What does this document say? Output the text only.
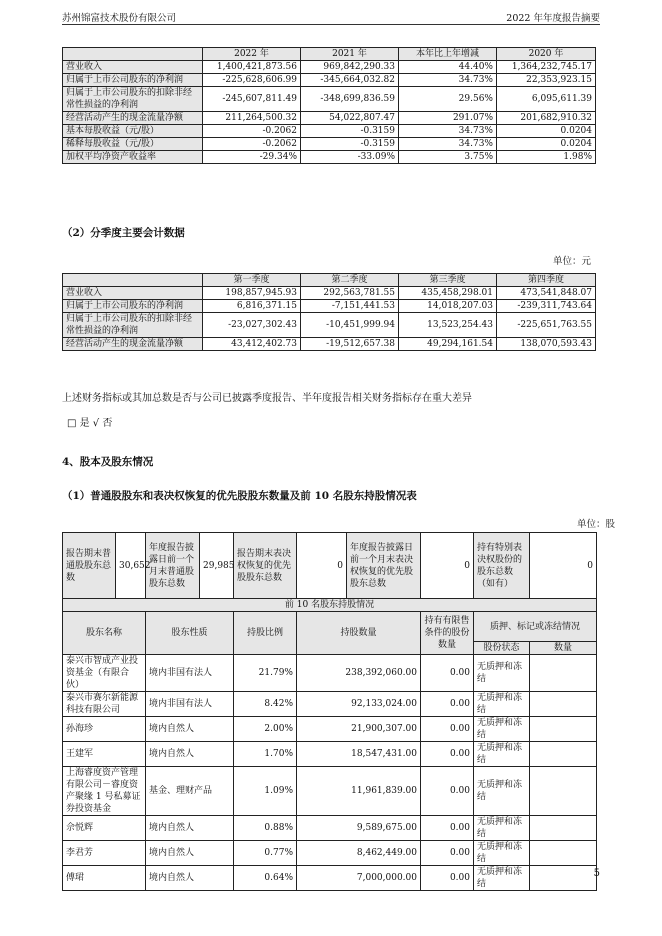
苏州锦富技术股份有限公司	2022 年年度报告摘要
	2022 年	2021 年	本年比上年增减	2020 年
营业收入	1,400,421,873.56	969,842,290.33	44.40%	1,364,232,745.17
归属于上市公司股东的净利润	-225,628,606.99	-345,664,032.82	34.73%	22,353,923.15
归属于上市公司股东的扣除非经常性损益的净利润	-245,607,811.49	-348,699,836.59	29.56%	6,095,611.39
经营活动产生的现金流量净额	211,264,500.32	54,022,807.47	291.07%	201,682,910.32
基本每股收益（元/股）	-0.2062	-0.3159	34.73%	0.0204
稀释每股收益（元/股）	-0.2062	-0.3159	34.73%	0.0204
加权平均净资产收益率	-29.34%	-33.09%	3.75%	1.98%
（2）分季度主要会计数据
单位：元
	第一季度	第二季度	第三季度	第四季度
营业收入	198,857,945.93	292,563,781.55	435,458,298.01	473,541,848.07
归属于上市公司股东的净利润	6,816,371.15	-7,151,441.53	14,018,207.03	-239,311,743.64
归属于上市公司股东的扣除非经常性损益的净利润	-23,027,302.43	-10,451,999.94	13,523,254.43	-225,651,763.55
经营活动产生的现金流量净额	43,412,402.73	-19,512,657.38	49,294,161.54	138,070,593.43
上述财务指标或其加总数是否与公司已披露季度报告、半年度报告相关财务指标存在重大差异
□ 是 √ 否
4、股本及股东情况
（1）普通股股东和表决权恢复的优先股股东数量及前 10 名股东持股情况表
单位：股
报告期末普通股股东总数	30,652	年度报告披露日前一个月末普通股股东总数	29,985	报告期末表决权恢复的优先股股东总数	0	年度报告披露日前一个月末表决权恢复的优先股股东总数	0	持有特别表决权股份的股东总数（如有）	0
前 10 名股东持股情况									
股东名称		股东性质		持股比例	持股数量		持有有限售条件的股份数量	质押、标记或冻结情况	
								股份状态	数量
泰兴市智成产业投资基金（有限合伙）		境内非国有法人		21.79%	238,392,060.00		0.00	无质押和冻结	
泰兴市赛尔新能源科技有限公司		境内非国有法人		8.42%	92,133,024.00		0.00	无质押和冻结	
孙海珍		境内自然人		2.00%	21,900,307.00		0.00	无质押和冻结	
王建军		境内自然人		1.70%	18,547,431.00		0.00	无质押和冻结	
上海睿度资产管理有限公司－睿度资产聚缘 1 号私募证券投资基金		基金、理财产品		1.09%	11,961,839.00		0.00	无质押和冻结	
佘悦辉		境内自然人		0.88%	9,589,675.00		0.00	无质押和冻结	
李君芳		境内自然人		0.77%	8,462,449.00		0.00	无质押和冻结	
傅珺		境内自然人		0.64%	7,000,000.00		0.00	无质押和冻结	
5
